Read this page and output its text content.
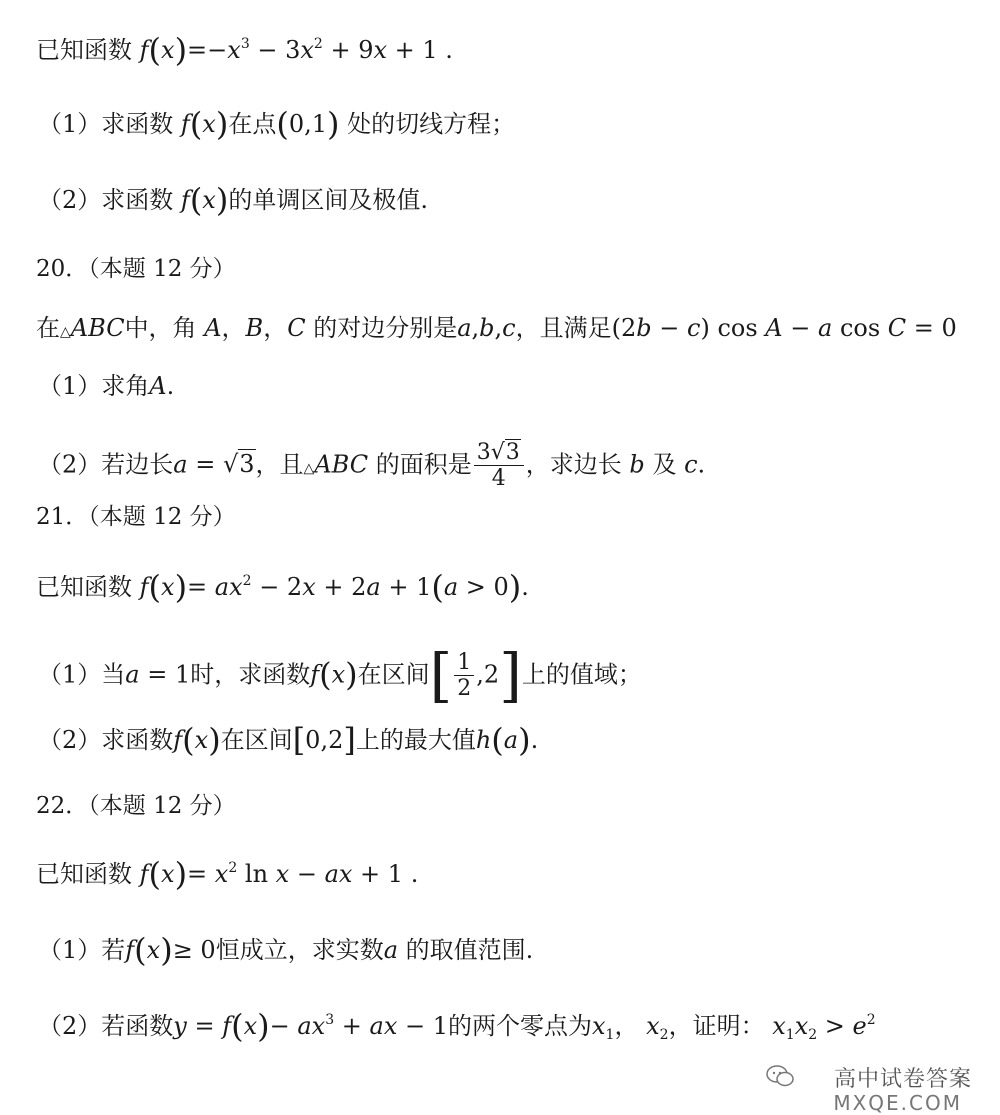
已知函数 $f(x)=-x^3 - 3x^2 + 9x + 1$ .
（1）求函数 f(x)在点(0,1) 处的切线方程；
（2）求函数 f(x)的单调区间及极值.
20．（本题 12 分）
在△ABC中，角 A，B，C 的对边分别是a,b,c，且满足(2b − c) cos A − a cos C = 0
（1）求角A.
（2）若边长a = √3，且△ABC 的面积是 $\frac{3√3}{4}$ ，求边长 b 及 c.
21．（本题 12 分）
已知函数 $f(x)= ax^2 - 2x + 2a + 1(a > 0)$.
（1）当a = 1时，求函数f(x)在区间[ $\frac{1}{2} ,2$]上的值域；
（2）求函数f(x)在区间[0,2]上的最大值h(a).
22．（本题 12 分）
已知函数 $f(x)= x^2$ ln x − ax + 1 .
（1）若f(x)≥ 0恒成立，求实数a 的取值范围.
（2）若函数$y = f(x)- ax^3$ + ax − 1的两个零点为$x_1$， $x_2$，证明： $x_1x_2 > e^2$
高中试卷答案
MXQE.COM
